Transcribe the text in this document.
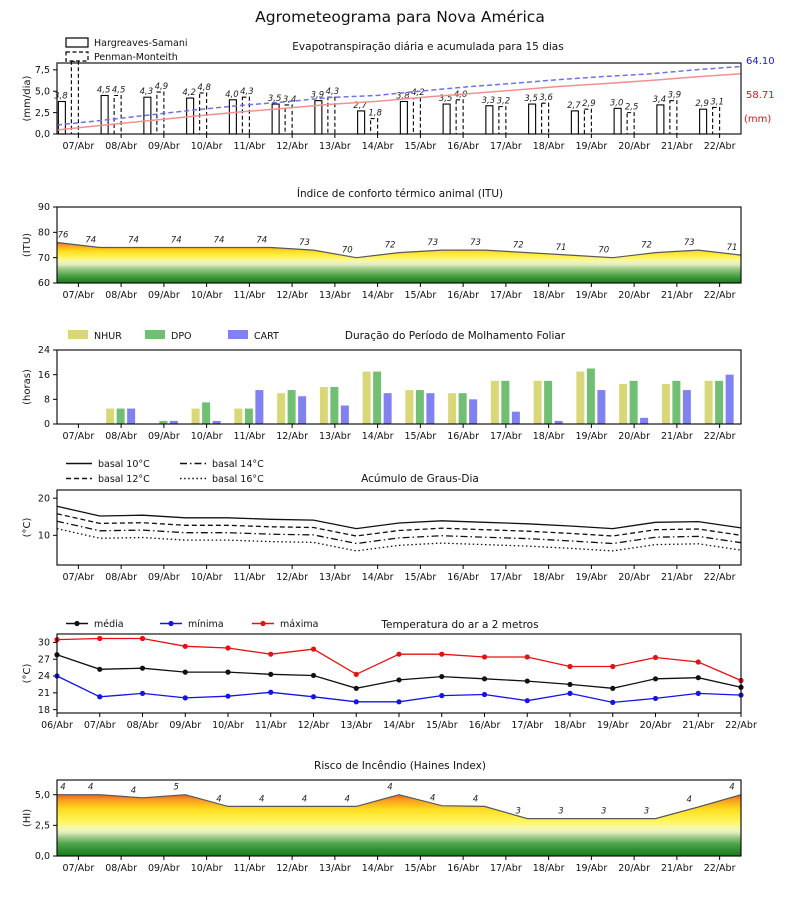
Agrometeograma para Nova América
Evapotranspiração diária e acumulada para 15 dias
(mm/dia)
0,0
2,5
5,0
7,5
07/Abr 08/Abr 09/Abr 10/Abr 11/Abr 12/Abr 13/Abr 14/Abr 15/Abr 16/Abr 17/Abr 18/Abr 19/Abr 20/Abr 21/Abr 22/Abr
3,8
4,5	4,3	4,2	4,0	3,5	3,9
2,7
3,8	3,5	3,3	3,5
2,7	3,0	3,4	2,9
4,5	4,9	4,8	4,3
3,4
4,3
1,8
4,2	4,0
3,2	3,6
2,9	2,5
3,9
3,1
64.10
58.71
(mm)
Hargreaves-Samani
Penman-Monteith
Índice de conforto térmico animal (ITU)
(ITU)
60
70
80
90
07/Abr 08/Abr 09/Abr 10/Abr 11/Abr 12/Abr 13/Abr 14/Abr 15/Abr 16/Abr 17/Abr 18/Abr 19/Abr 20/Abr 21/Abr 22/Abr
76
74	74	74	74	74	73
70
72	73	73	72	71	70
72	73
71
Duração do Período de Molhamento Foliar
(horas)
0
8
16
24
07/Abr 08/Abr 09/Abr 10/Abr 11/Abr 12/Abr 13/Abr 14/Abr 15/Abr 16/Abr 17/Abr 18/Abr 19/Abr 20/Abr 21/Abr 22/Abr
NHUR	DPO	CART
Acúmulo de Graus-Dia
(°C) 10
20
07/Abr 08/Abr 09/Abr 10/Abr 11/Abr 12/Abr 13/Abr 14/Abr 15/Abr 16/Abr 17/Abr 18/Abr 19/Abr 20/Abr 21/Abr 22/Abr
basal 10°C
basal 12°C
basal 14°C
basal 16°C
Temperatura do ar a 2 metros
(°C)
18
21
24
27
30
06/Abr 07/Abr 08/Abr 09/Abr 10/Abr 11/Abr 12/Abr 13/Abr 14/Abr 15/Abr 16/Abr 17/Abr 18/Abr 19/Abr 20/Abr 21/Abr 22/Abr
média	mínima	máxima
Risco de Incêndio (Haines Index)
(HI)
0,0
2,5
5,0
07/Abr 08/Abr 09/Abr 10/Abr 11/Abr 12/Abr 13/Abr 14/Abr 15/Abr 16/Abr 17/Abr 18/Abr 19/Abr 20/Abr 21/Abr 22/Abr
4	4	4	5
4	4	4	4
4
4	4
3	3	3	3
4
4
